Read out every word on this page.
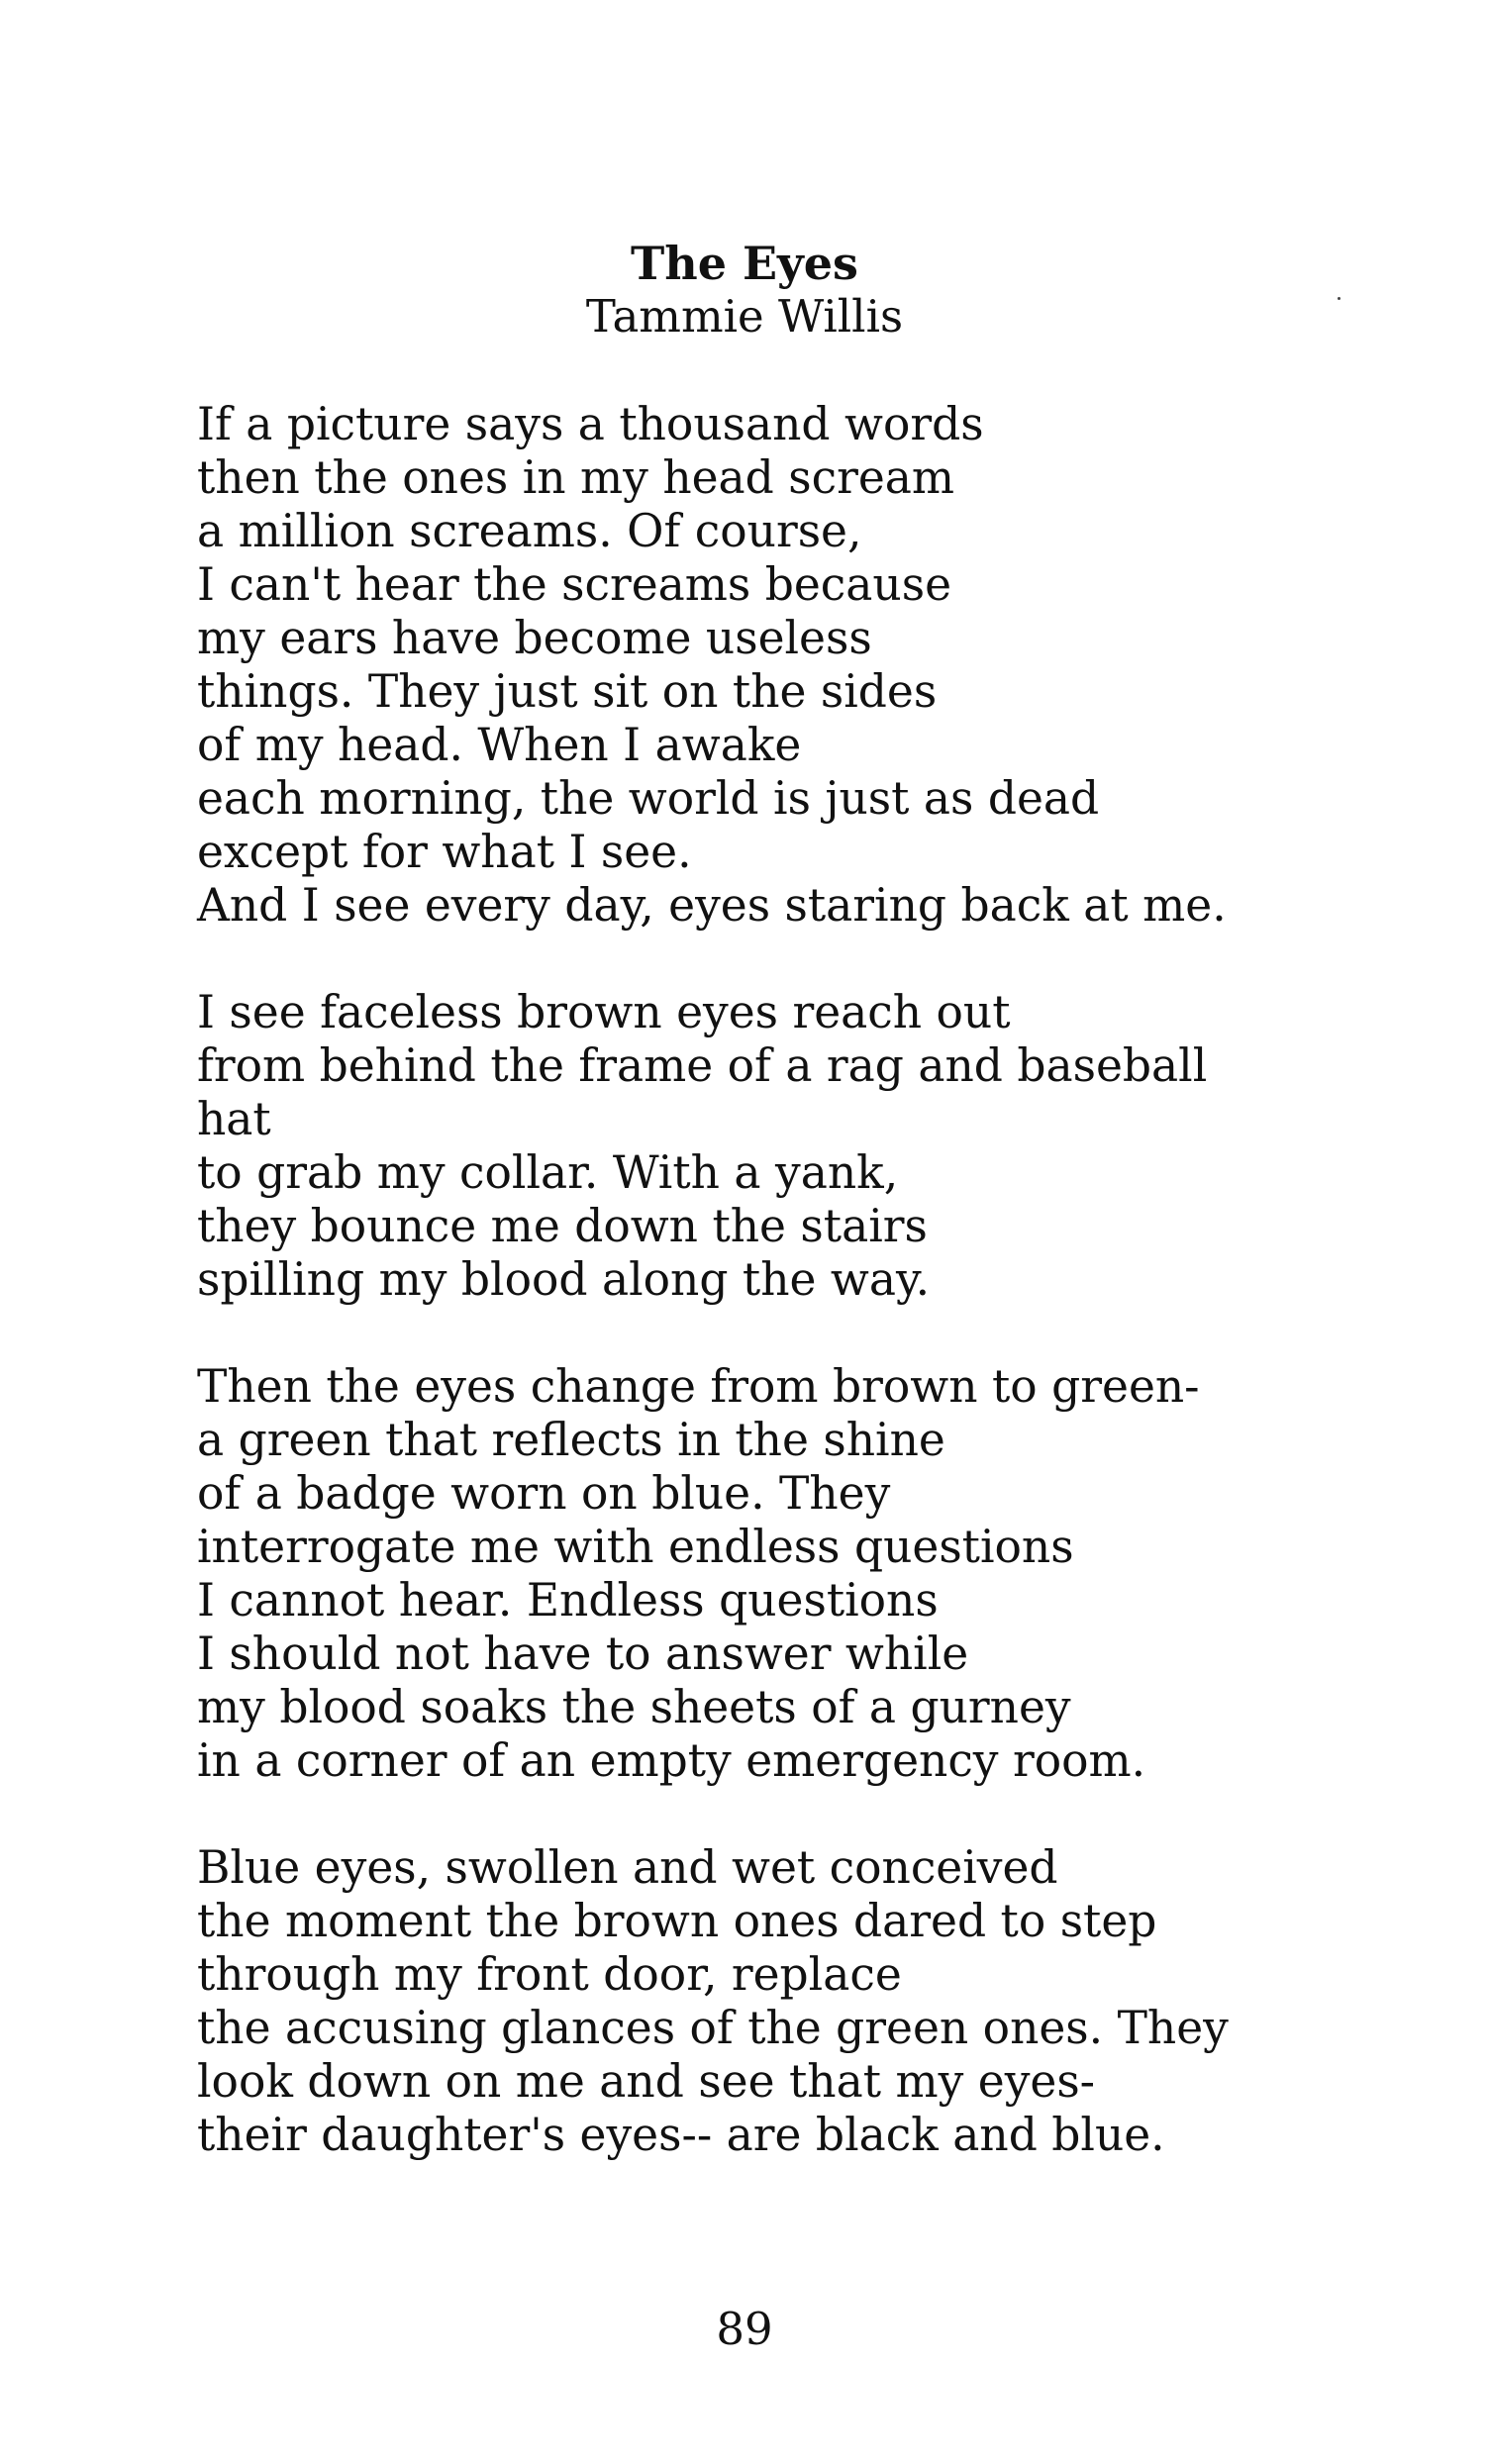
The Eyes
Tammie Willis
If a picture says a thousand words
then the ones in my head scream
a million screams. Of course,
I can't hear the screams because
my ears have become useless
things. They just sit on the sides
of my head. When I awake
each morning, the world is just as dead
except for what I see.
And I see every day, eyes staring back at me.
I see faceless brown eyes reach out
from behind the frame of a rag and baseball
hat
to grab my collar. With a yank,
they bounce me down the stairs
spilling my blood along the way.
Then the eyes change from brown to green-
a green that reflects in the shine
of a badge worn on blue. They
interrogate me with endless questions
I cannot hear. Endless questions
I should not have to answer while
my blood soaks the sheets of a gurney
in a corner of an empty emergency room.
Blue eyes, swollen and wet conceived
the moment the brown ones dared to step
through my front door, replace
the accusing glances of the green ones. They
look down on me and see that my eyes-
their daughter's eyes-- are black and blue.
89
